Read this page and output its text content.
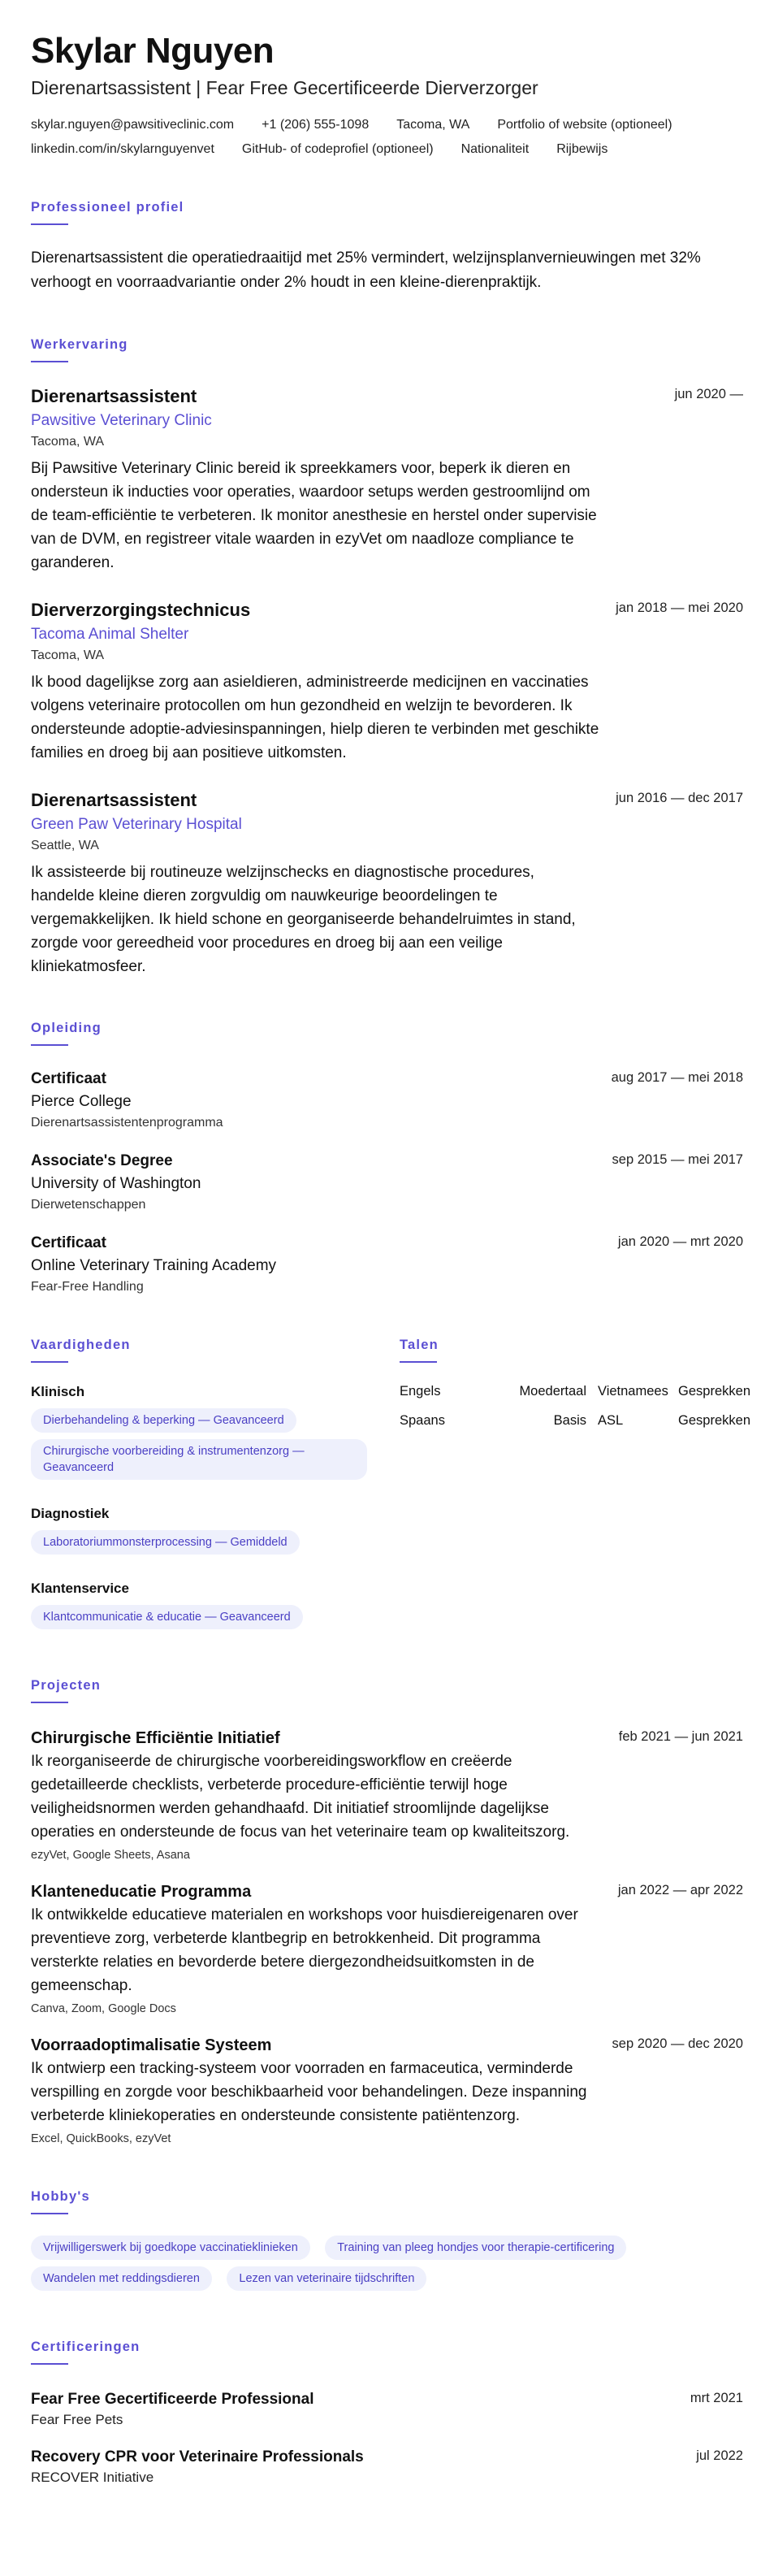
Skylar Nguyen
Dierenartsassistent | Fear Free Gecertificeerde Dierverzorger
skylar.nguyen@pawsitiveclinic.com +1 (206) 555-1098 Tacoma, WA Portfolio of website (optioneel)
linkedin.com/in/skylarnguyenvet GitHub- of codeprofiel (optioneel) Nationaliteit Rijbewijs
Professioneel profiel

Dierenartsassistent die operatiedraaitijd met 25% vermindert, welzijnsplanvernieuwingen met 32% verhoogt en voorraadvariantie onder 2% houdt in een kleine-dierenpraktijk.

Werkervaring
Dierenartsassistent	jun 2020 —
Pawsitive Veterinary Clinic
Tacoma, WA

Bij Pawsitive Veterinary Clinic bereid ik spreekkamers voor, beperk ik dieren en ondersteun ik inducties voor operaties, waardoor setups werden gestroomlijnd om de team-efficiëntie te verbeteren. Ik monitor anesthesie en herstel onder supervisie van de DVM, en registreer vitale waarden in ezyVet om naadloze compliance te garanderen.

Dierverzorgingstechnicus	jan 2018 — mei 2020
Tacoma Animal Shelter
Tacoma, WA

Ik bood dagelijkse zorg aan asieldieren, administreerde medicijnen en vaccinaties volgens veterinaire protocollen om hun gezondheid en welzijn te bevorderen. Ik ondersteunde adoptie-adviesinspanningen, hielp dieren te verbinden met geschikte families en droeg bij aan positieve uitkomsten.

Dierenartsassistent	jun 2016 — dec 2017
Green Paw Veterinary Hospital
Seattle, WA

Ik assisteerde bij routineuze welzijnschecks en diagnostische procedures, handelde kleine dieren zorgvuldig om nauwkeurige beoordelingen te vergemakkelijken. Ik hield schone en georganiseerde behandelruimtes in stand, zorgde voor gereedheid voor procedures en droeg bij aan een veilige kliniekatmosfeer.

Opleiding
Certificaat	aug 2017 — mei 2018
Pierce College
Dierenartsassistentenprogramma
Associate's Degree	sep 2015 — mei 2017
University of Washington
Dierwetenschappen
Certificaat	jan 2020 — mrt 2020
Online Veterinary Training Academy
Fear-Free Handling
Vaardigheden
Klinisch
Dierbehandeling & beperking — Geavanceerd
Chirurgische voorbereiding & instrumentenzorg — Geavanceerd
Diagnostiek
Laboratoriummonsterprocessing — Gemiddeld
Klantenservice
Klantcommunicatie & educatie — Geavanceerd
Talen
Engels	Moedertaal Vietnamees Gesprekken
Spaans	Basis ASL	Gesprekken
Projecten
Chirurgische Efficiëntie Initiatief	feb 2021 — jun 2021

Ik reorganiseerde de chirurgische voorbereidingsworkflow en creëerde gedetailleerde checklists, verbeterde procedure-efficiëntie terwijl hoge veiligheidsnormen werden gehandhaafd. Dit initiatief stroomlijnde dagelijkse operaties en ondersteunde de focus van het veterinaire team op kwaliteitszorg.

ezyVet, Google Sheets, Asana
Klanteneducatie Programma	jan 2022 — apr 2022

Ik ontwikkelde educatieve materialen en workshops voor huisdiereigenaren over preventieve zorg, verbeterde klantbegrip en betrokkenheid. Dit programma versterkte relaties en bevorderde betere diergezondheidsuitkomsten in de gemeenschap.

Canva, Zoom, Google Docs
Voorraadoptimalisatie Systeem	sep 2020 — dec 2020

Ik ontwierp een tracking-systeem voor voorraden en farmaceutica, verminderde verspilling en zorgde voor beschikbaarheid voor behandelingen. Deze inspanning verbeterde kliniekoperaties en ondersteunde consistente patiëntenzorg.

Excel, QuickBooks, ezyVet
Hobby's
Vrijwilligerswerk bij goedkope vaccinatieklinieken	Training van pleeg hondjes voor therapie-certificering
Wandelen met reddingsdieren	Lezen van veterinaire tijdschriften
Certificeringen
Fear Free Gecertificeerde Professional	mrt 2021
Fear Free Pets
Recovery CPR voor Veterinaire Professionals	jul 2022
RECOVER Initiative
